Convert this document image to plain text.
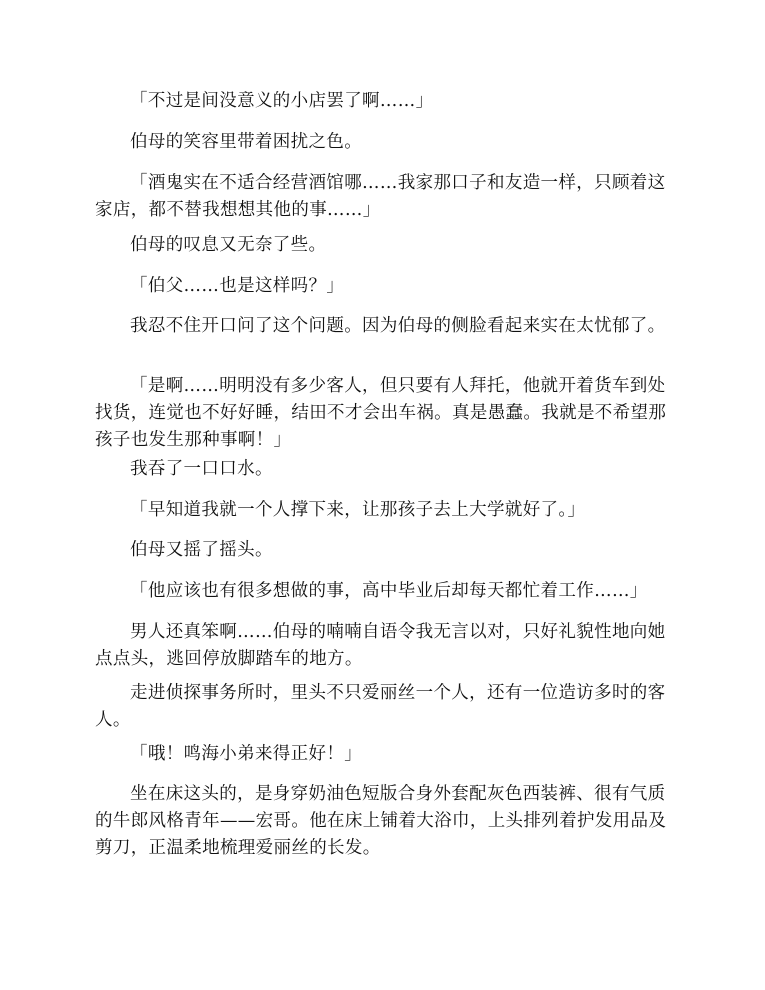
「不过是间没意义的小店罢了啊……」

伯母的笑容里带着困扰之色。

「酒鬼实在不适合经营酒馆哪……我家那口子和友造一样，只顾着这家店，都不替我想想其他的事……」

伯母的叹息又无奈了些。

「伯父……也是这样吗？」

我忍不住开口问了这个问题。因为伯母的侧脸看起来实在太忧郁了。

「是啊……明明没有多少客人，但只要有人拜托，他就开着货车到处找货，连觉也不好好睡，结田不才会出车祸。真是愚蠢。我就是不希望那孩子也发生那种事啊！」

我吞了一口口水。

「早知道我就一个人撑下来，让那孩子去上大学就好了。」

伯母又摇了摇头。

「他应该也有很多想做的事，高中毕业后却每天都忙着工作……」

男人还真笨啊……伯母的喃喃自语令我无言以对，只好礼貌性地向她点点头，逃回停放脚踏车的地方。

走进侦探事务所时，里头不只爱丽丝一个人，还有一位造访多时的客人。

「哦！鸣海小弟来得正好！」

坐在床这头的，是身穿奶油色短版合身外套配灰色西装裤、很有气质的牛郎风格青年——宏哥。他在床上铺着大浴巾，上头排列着护发用品及剪刀，正温柔地梳理爱丽丝的长发。
